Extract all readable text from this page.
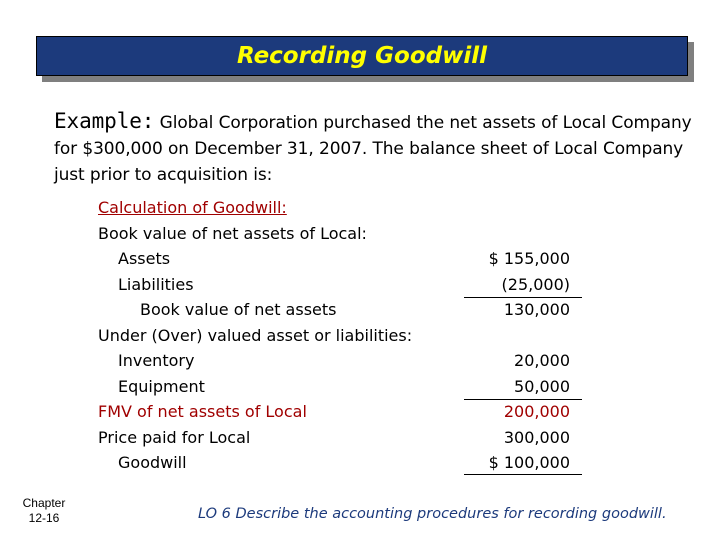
Recording Goodwill
Example: Global Corporation purchased the net assets of Local Company for $300,000 on December 31, 2007. The balance sheet of Local Company just prior to acquisition is:
Calculation of Goodwill:
Book value of net assets of Local:
Assets	$ 155,000
Liabilities	(25,000)
Book value of net assets	130,000
Under (Over) valued asset or liabilities:
Inventory	20,000
Equipment	50,000
FMV of net assets of Local	200,000
Price paid for Local	300,000
Goodwill	$ 100,000
Chapter
12-16	LO 6 Describe the accounting procedures for recording goodwill.
